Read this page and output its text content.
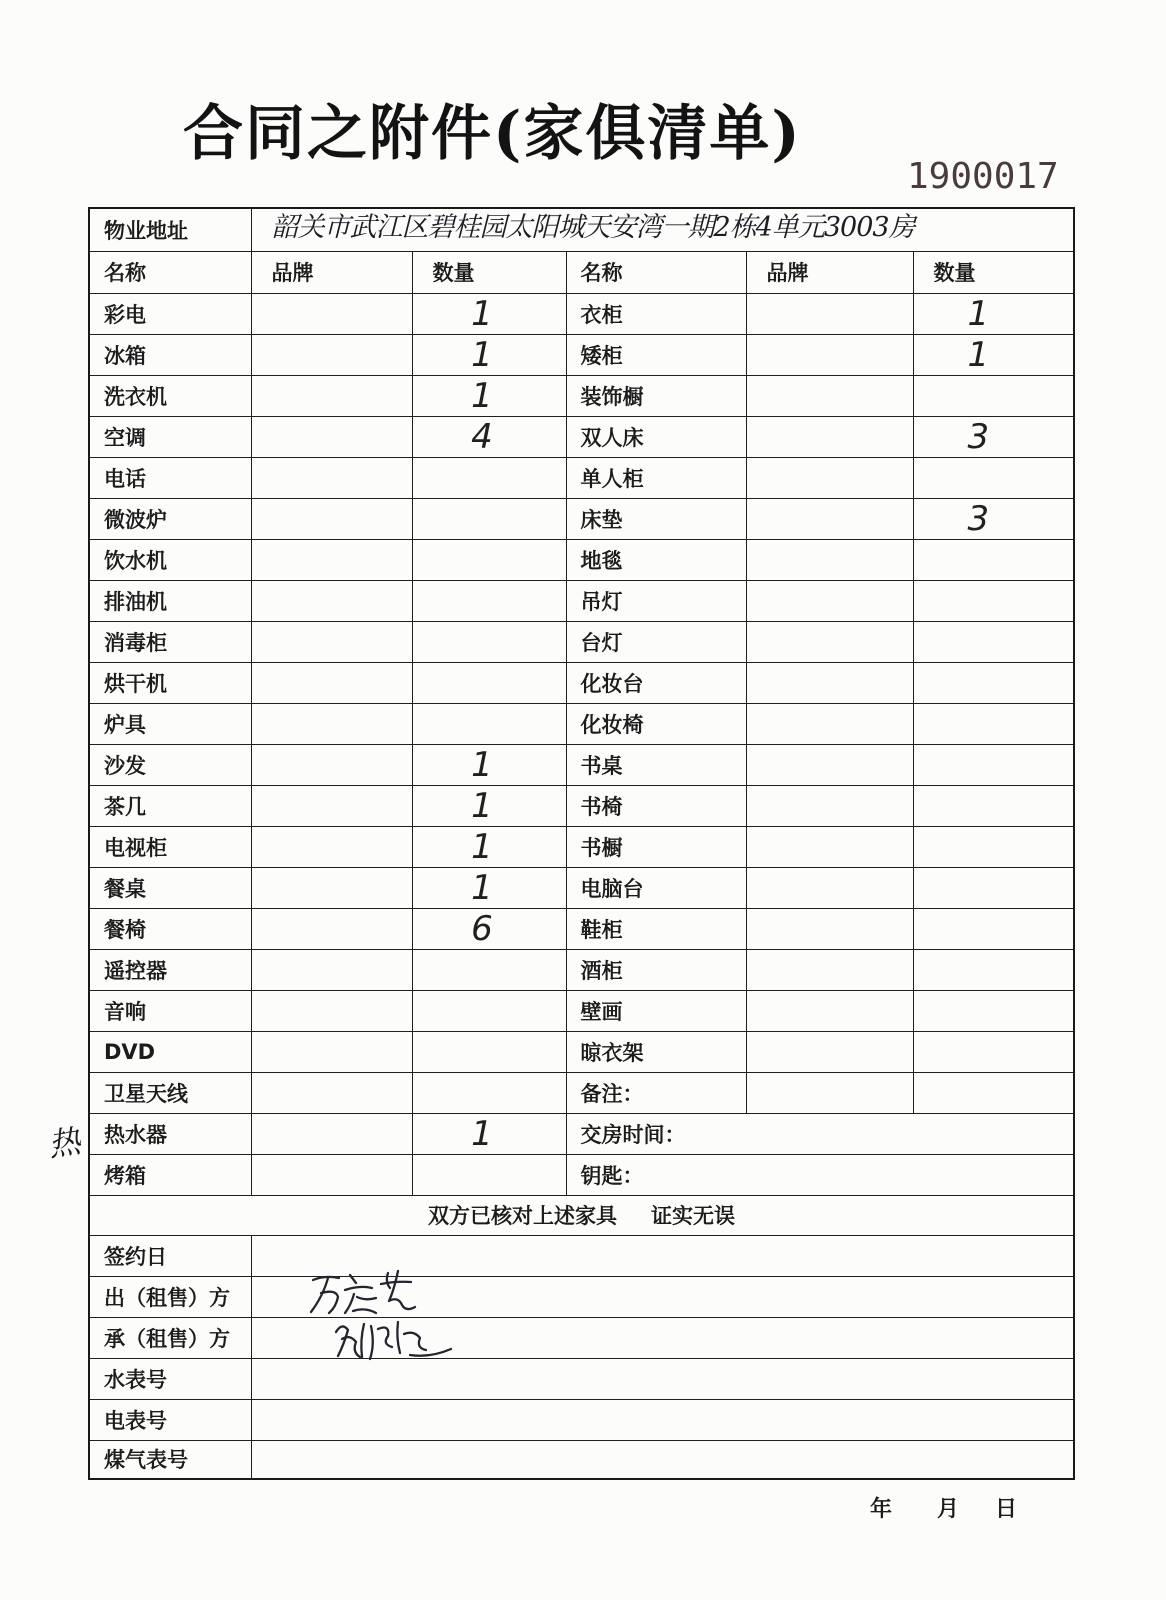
合同之附件(家俱清单)
1900017
物业地址	韶关市武江区碧桂园太阳城天安湾一期2栋4单元3003房				
名称	品牌	数量	名称	品牌	数量
彩电		1	衣柜		1
冰箱		1	矮柜		1
洗衣机		1	装饰橱		
空调		4	双人床		3
电话			单人柜		
微波炉			床垫		3
饮水机			地毯		
排油机			吊灯		
消毒柜			台灯		
烘干机			化妆台		
炉具			化妆椅		
沙发		1	书桌		
茶几		1	书椅		
电视柜		1	书橱		
餐桌		1	电脑台		
餐椅		6	鞋柜		
遥控器			酒柜		
音响			壁画		
DVD			晾衣架		
卫星天线			备注：		
热水器		1	交房时间：		
烤箱			钥匙：		
双方已核对上述家具 证实无误					
签约日					
出（租售）方					
承（租售）方					
水表号					
电表号					
煤气表号					
热
年 月 日
